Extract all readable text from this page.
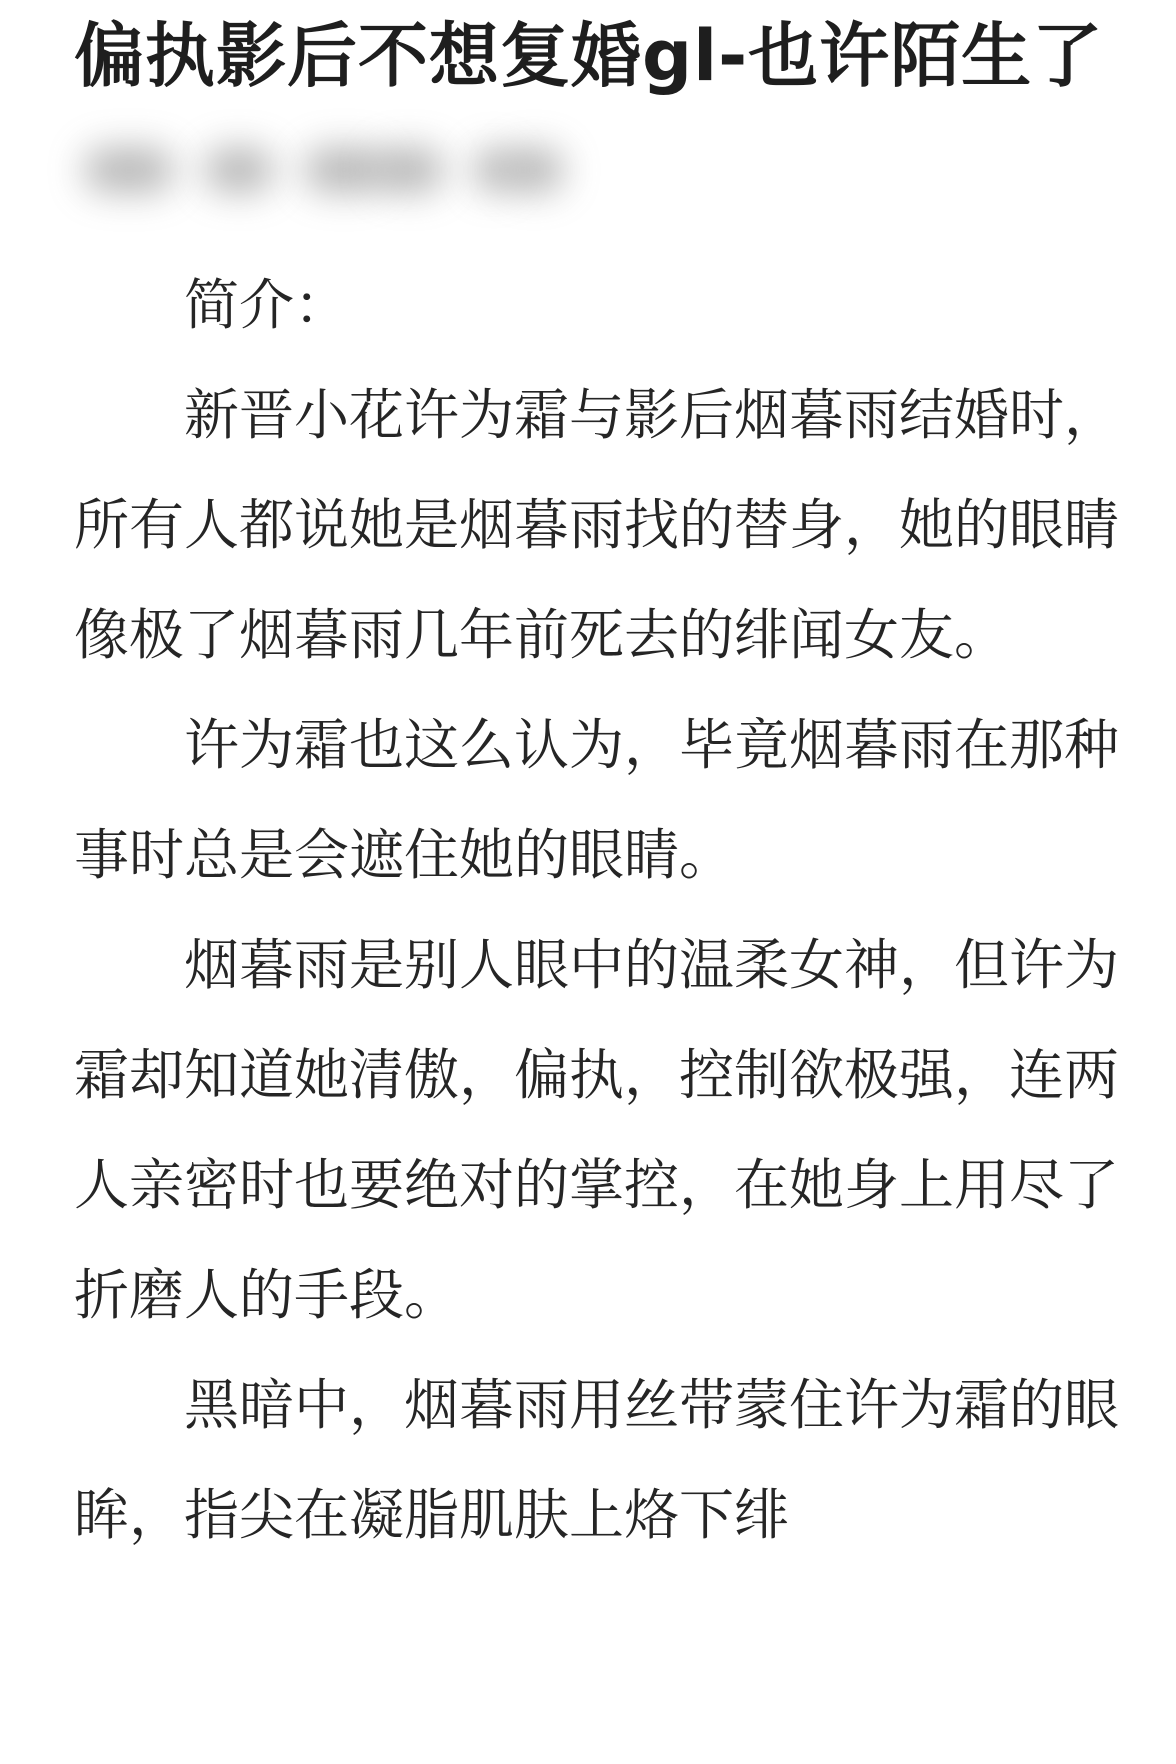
偏执影后不想复婚gl-也许陌生了

简介：

新晋小花许为霜与影后烟暮雨结婚时，所有人都说她是烟暮雨找的替身，她的眼睛像极了烟暮雨几年前死去的绯闻女友。

许为霜也这么认为，毕竟烟暮雨在那种事时总是会遮住她的眼睛。

烟暮雨是别人眼中的温柔女神，但许为霜却知道她清傲，偏执，控制欲极强，连两人亲密时也要绝对的掌控，在她身上用尽了折磨人的手段。

黑暗中，烟暮雨用丝带蒙住许为霜的眼眸，指尖在凝脂肌肤上烙下绯
